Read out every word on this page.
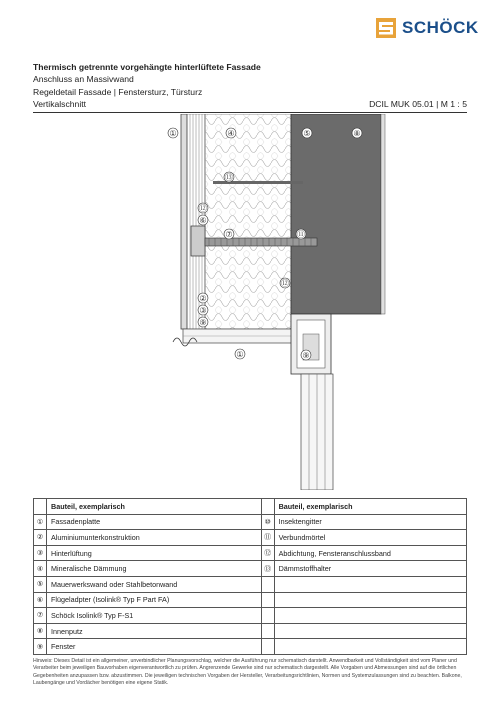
SCHÖCK
Thermisch getrennte vorgehängte hinterlüftete Fassade
Anschluss an Massivwand
Regeldetail Fassade | Fenstersturz, Türsturz
Vertikalschnitt	DCIL MUK 05.01 | M 1 : 5
①	④	⑤	⑧
⑬
⑫
⑥
⑦	⑪
⑫
②
③
⑨
①	⑨
	Bauteil, exemplarisch		Bauteil, exemplarisch
①	Fassadenplatte	⑩	Insektengitter
②	Aluminiumunterkonstruktion	⑪	Verbundmörtel
③	Hinterlüftung	⑫	Abdichtung, Fensteranschlussband
④	Mineralische Dämmung	⑬	Dämmstoffhalter
⑤	Mauerwerkswand oder Stahlbetonwand		
⑥	Flügeladpter (Isolink® Typ F Part FA)		
⑦	Schöck Isolink® Typ F-S1		
⑧	Innenputz		
⑨	Fenster		
Hinweis: Dieses Detail ist ein allgemeiner, unverbindlicher Planungsvorschlag, welcher die Ausführung nur schematisch darstellt. Anwendbarkeit und Vollständigkeit sind vom Planer und Verarbeiter beim jeweiligen Bauvorhaben eigenverantwortlich zu prüfen. Angrenzende Gewerke sind nur schematisch dargestellt. Alle Vorgaben und Abmessungen sind auf die örtlichen Gegebenheiten anzupassen bzw. abzustimmen. Die jeweiligen technischen Vorgaben der Hersteller, Verarbeitungsrichtlinien, Normen und Systemzulassungen sind zu beachten. Balkone, Laubengänge und Vordächer benötigen eine eigene Statik.
